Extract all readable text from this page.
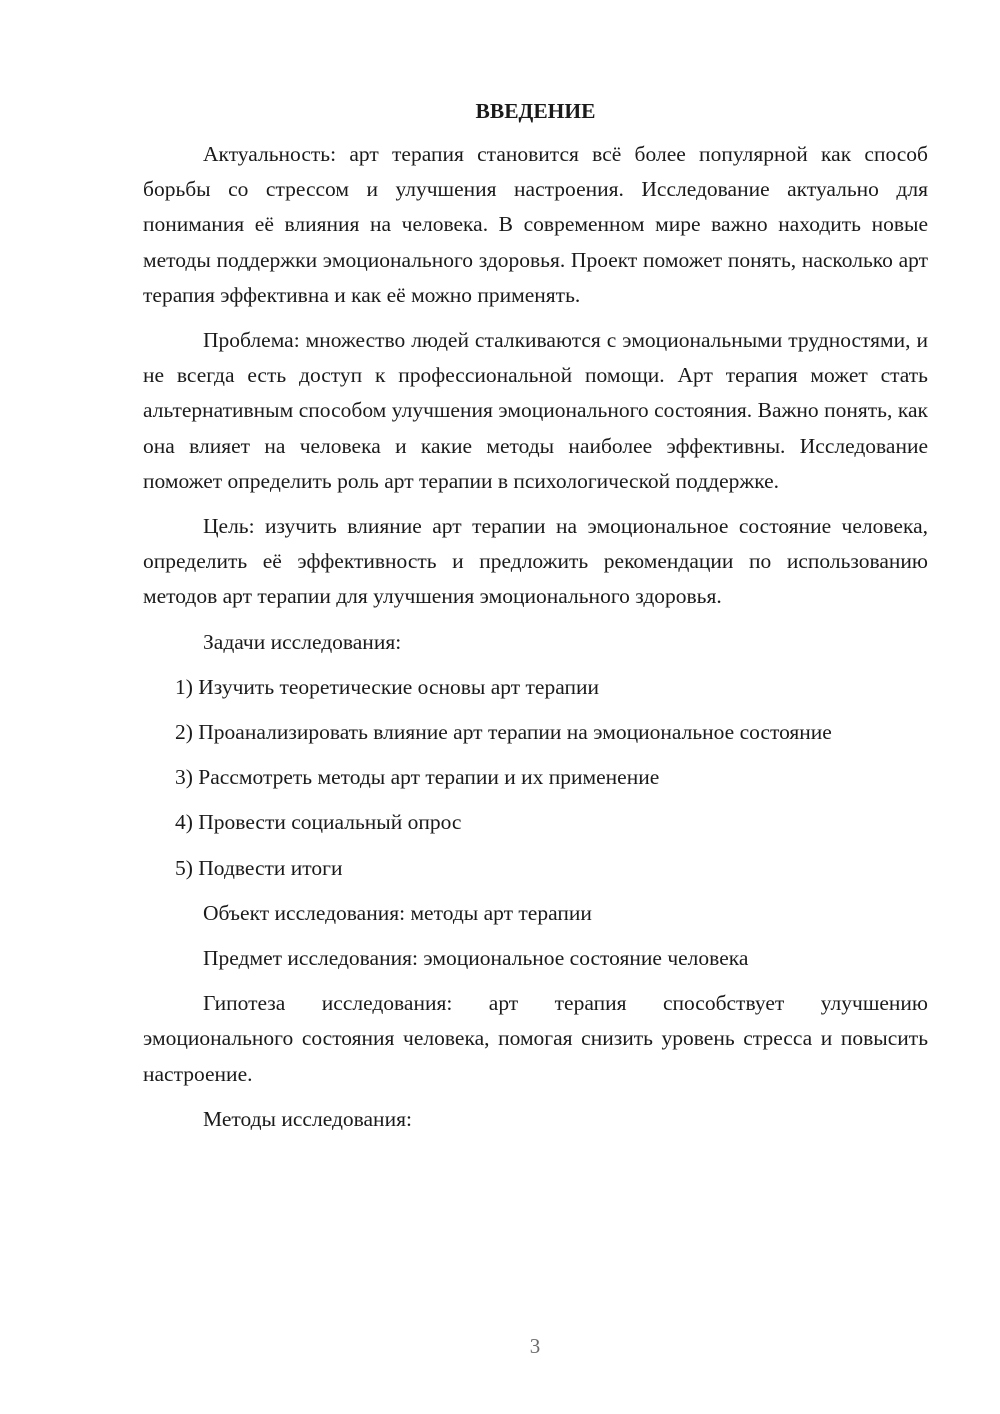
ВВЕДЕНИЕ

Актуальность: арт терапия становится всё более популярной как способ борьбы со стрессом и улучшения настроения. Исследование актуально для понимания её влияния на человека. В современном мире важно находить новые методы поддержки эмоционального здоровья. Проект поможет понять, насколько арт терапия эффективна и как её можно применять.

Проблема: множество людей сталкиваются с эмоциональными трудностями, и не всегда есть доступ к профессиональной помощи. Арт терапия может стать альтернативным способом улучшения эмоционального состояния. Важно понять, как она влияет на человека и какие методы наиболее эффективны. Исследование поможет определить роль арт терапии в психологической поддержке.

Цель: изучить влияние арт терапии на эмоциональное состояние человека, определить её эффективность и предложить рекомендации по использованию методов арт терапии для улучшения эмоционального здоровья.

Задачи исследования:

1) Изучить теоретические основы арт терапии

2) Проанализировать влияние арт терапии на эмоциональное состояние

3) Рассмотреть методы арт терапии и их применение

4) Провести социальный опрос

5) Подвести итоги

Объект исследования: методы арт терапии

Предмет исследования: эмоциональное состояние человека

Гипотеза исследования: арт терапия способствует улучшению эмоционального состояния человека, помогая снизить уровень стресса и повысить настроение.

Методы исследования:

3
